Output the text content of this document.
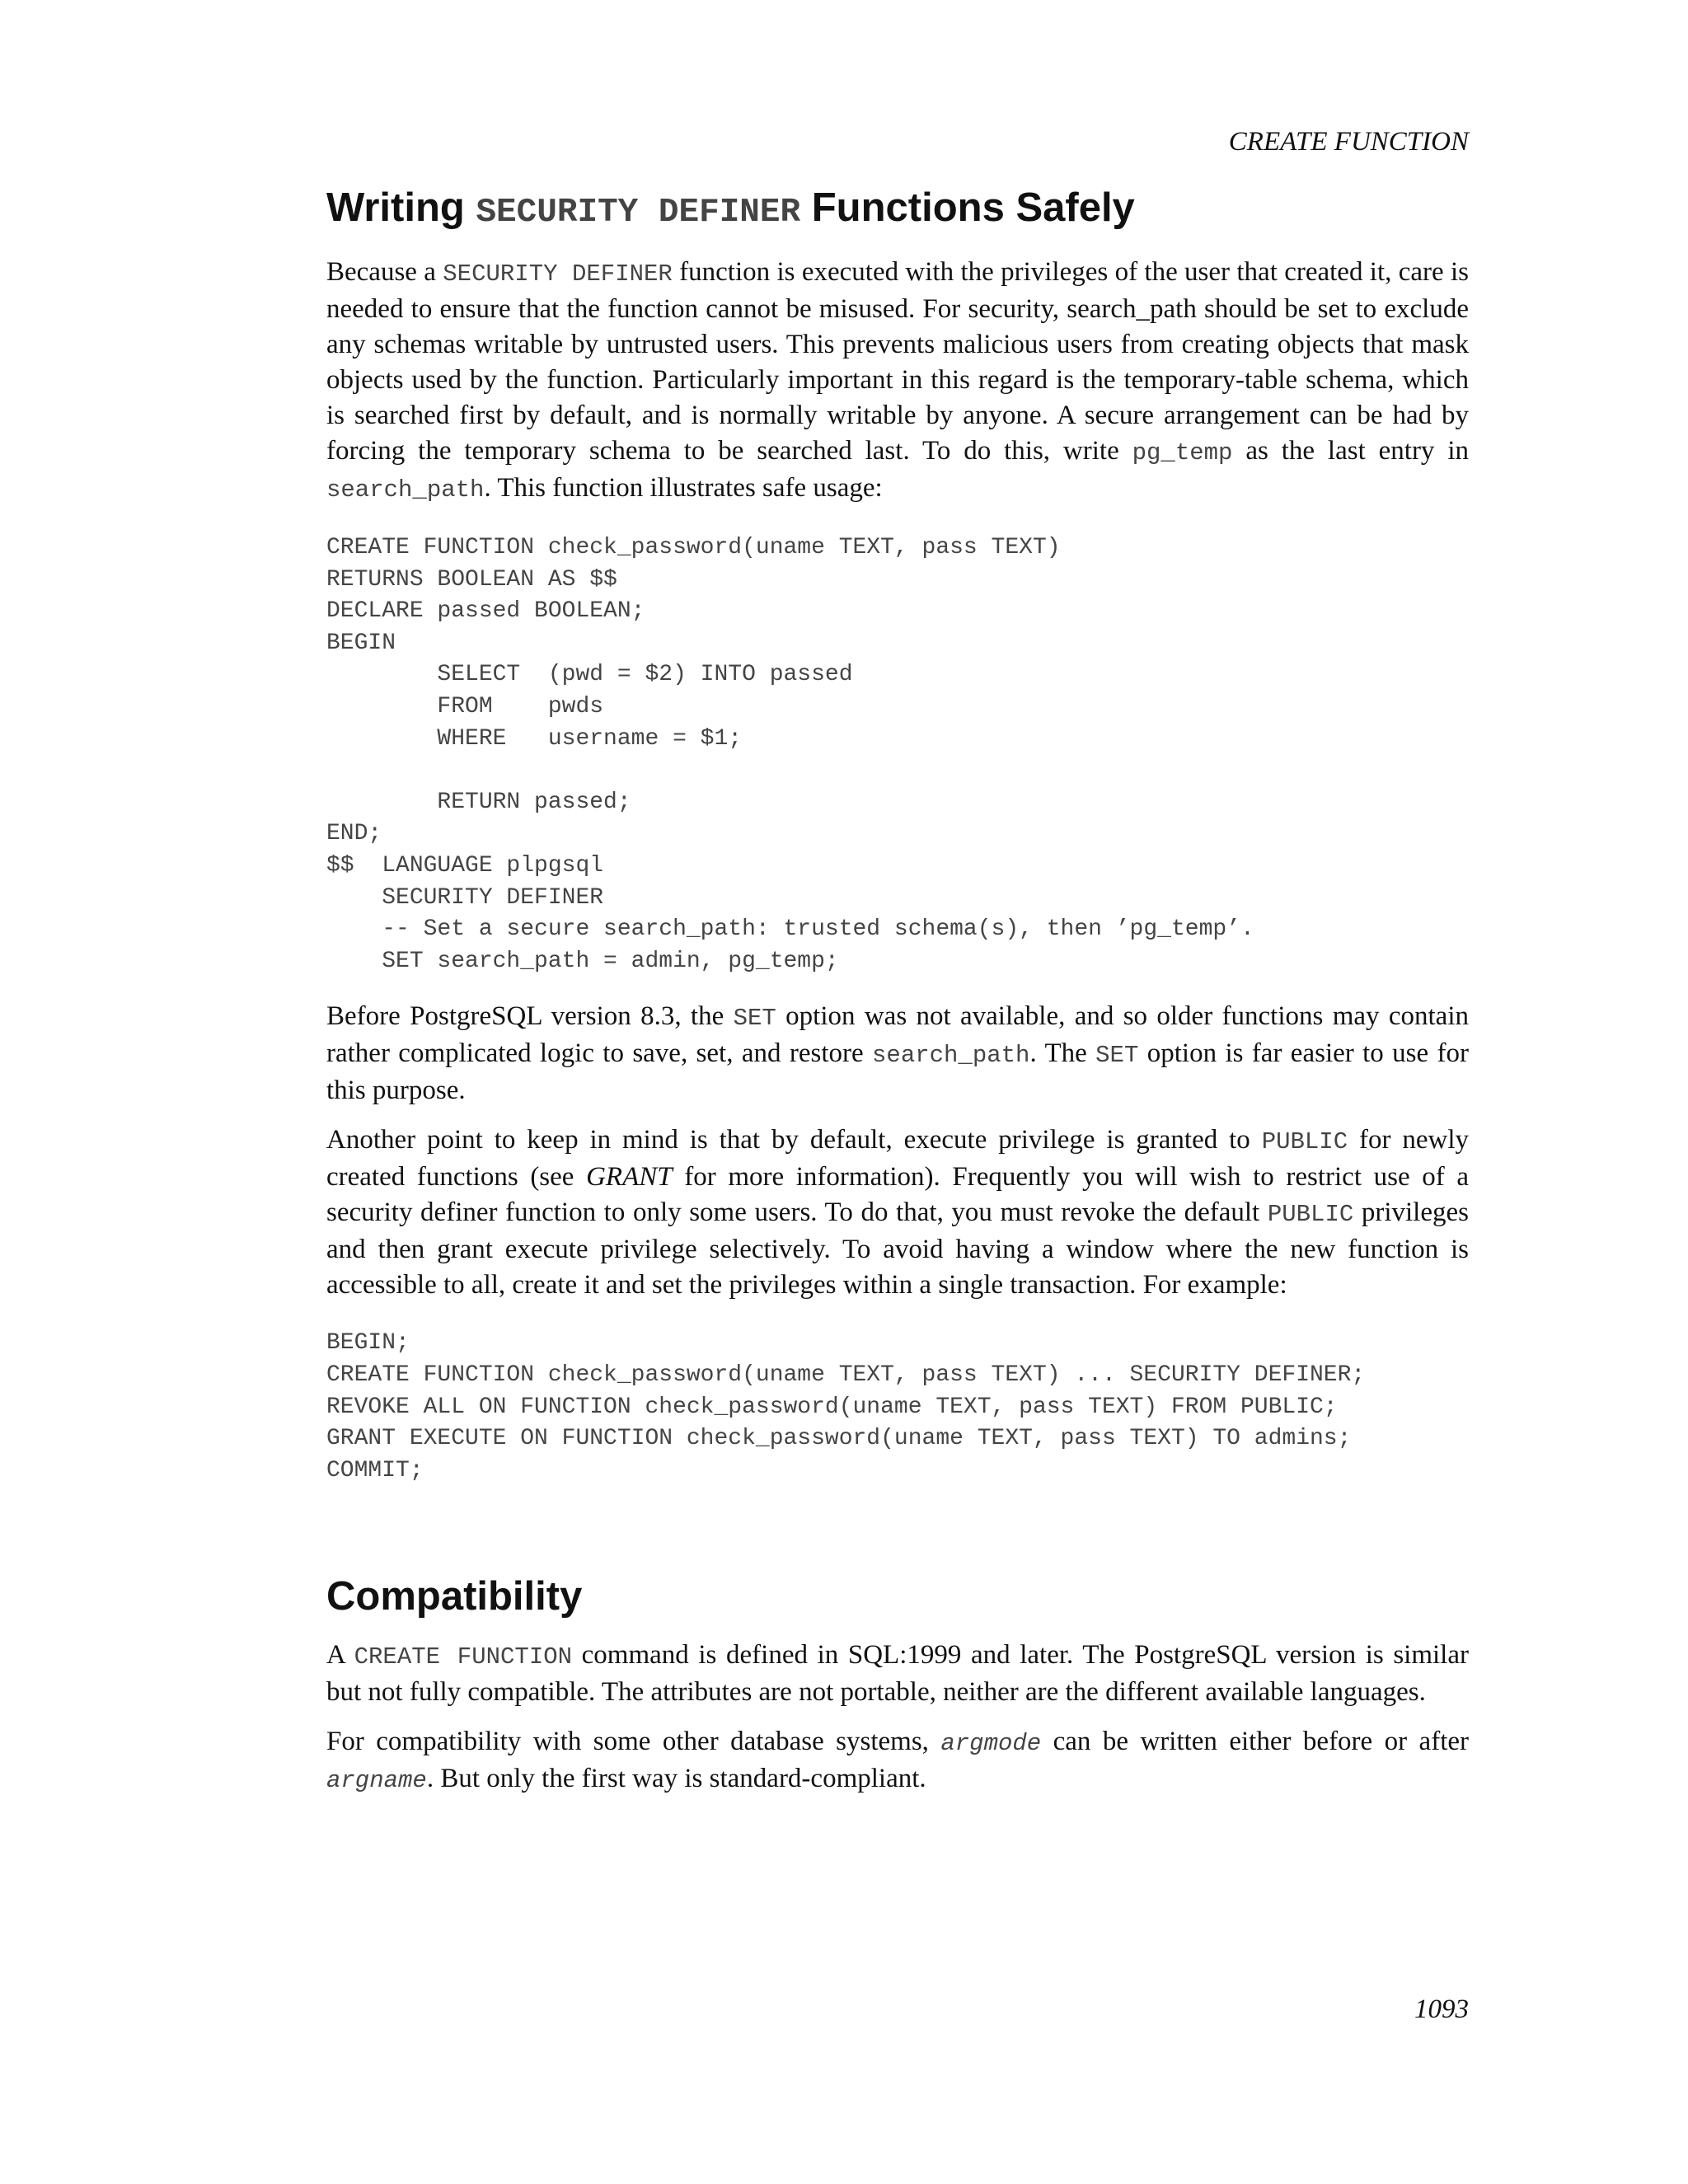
CREATE FUNCTION
Writing SECURITY DEFINER Functions Safely

Because a SECURITY DEFINER function is executed with the privileges of the user that created it, care is needed to ensure that the function cannot be misused. For security, search_path should be set to exclude any schemas writable by untrusted users. This prevents malicious users from creating objects that mask objects used by the function. Particularly important in this regard is the temporary-table schema, which is searched first by default, and is normally writable by anyone. A secure arrangement can be had by forcing the temporary schema to be searched last. To do this, write pg_temp as the last entry in search_path. This function illustrates safe usage:

CREATE FUNCTION check_password(uname TEXT, pass TEXT)
RETURNS BOOLEAN AS $$
DECLARE passed BOOLEAN;
BEGIN
SELECT  (pwd = $2) INTO passed
FROM    pwds
WHERE   username = $1;

RETURN passed;
END;
$$  LANGUAGE plpgsql
SECURITY DEFINER
-- Set a secure search_path: trusted schema(s), then ’pg_temp’.
SET search_path = admin, pg_temp;

Before PostgreSQL version 8.3, the SET option was not available, and so older functions may contain rather complicated logic to save, set, and restore search_path. The SET option is far easier to use for this purpose.

Another point to keep in mind is that by default, execute privilege is granted to PUBLIC for newly created functions (see GRANT for more information). Frequently you will wish to restrict use of a security definer function to only some users. To do that, you must revoke the default PUBLIC privileges and then grant execute privilege selectively. To avoid having a window where the new function is accessible to all, create it and set the privileges within a single transaction. For example:

BEGIN;
CREATE FUNCTION check_password(uname TEXT, pass TEXT) ... SECURITY DEFINER;
REVOKE ALL ON FUNCTION check_password(uname TEXT, pass TEXT) FROM PUBLIC;
GRANT EXECUTE ON FUNCTION check_password(uname TEXT, pass TEXT) TO admins;
COMMIT;
Compatibility

A CREATE FUNCTION command is defined in SQL:1999 and later. The PostgreSQL version is similar but not fully compatible. The attributes are not portable, neither are the different available languages.

For compatibility with some other database systems, argmode can be written either before or after argname. But only the first way is standard-compliant.

1093
